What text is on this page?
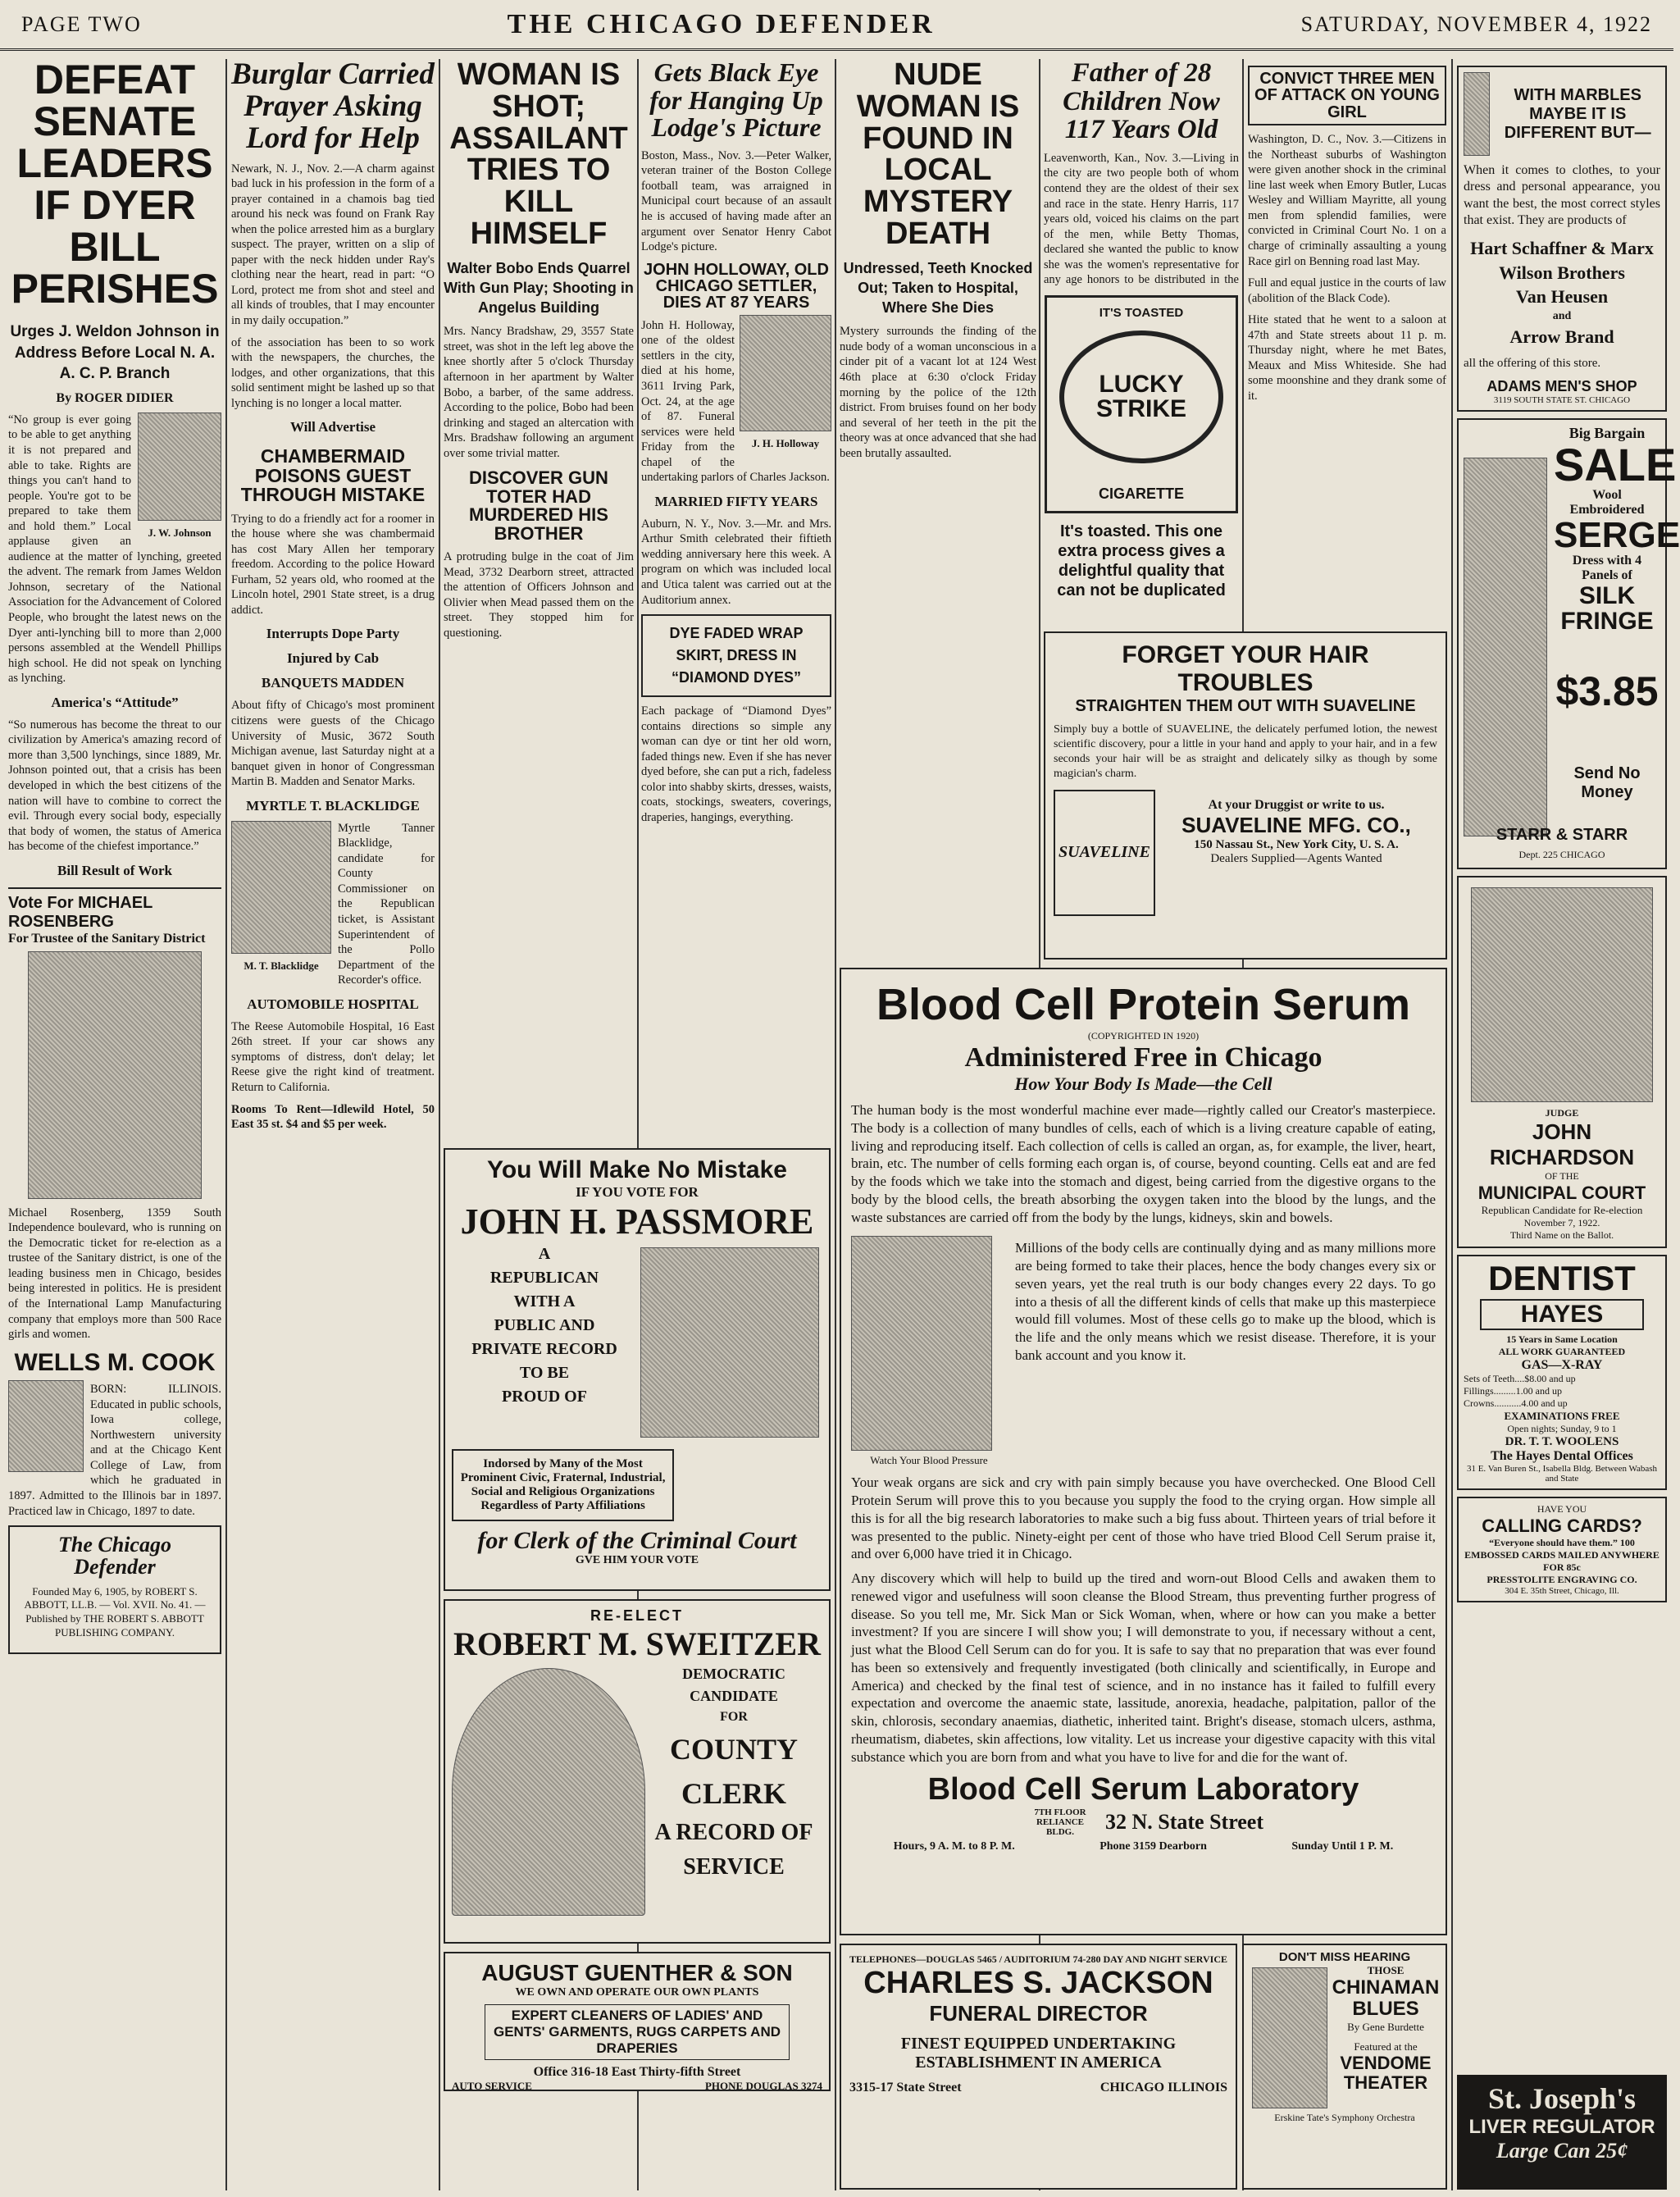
PAGE TWO	THE CHICAGO DEFENDER	SATURDAY, NOVEMBER 4, 1922
DEFEAT SENATE LEADERS IF DYER BILL PERISHES
Urges J. Weldon Johnson in Address Before Local N. A. A. C. P. Branch
By ROGER DIDIER
J. W. Johnson
“No group is ever going to be able to get anything it is not prepared and able to take. Rights are things you can't hand to people. You're got to be prepared to take them and hold them.” Local applause given an audience at the matter of lynching, greeted the advent. The remark from James Weldon Johnson, secretary of the National Association for the Advancement of Colored People, who brought the latest news on the Dyer anti-lynching bill to more than 2,000 persons assembled at the Wendell Phillips high school. He did not speak on lynching as lynching.
America's “Attitude”
“So numerous has become the threat to our civilization by America's amazing record of more than 3,500 lynchings, since 1889, Mr. Johnson pointed out, that a crisis has been developed in which the best citizens of the nation will have to combine to correct the evil. Through every social body, especially that body of women, the status of America has become of the chiefest importance.”
Bill Result of Work
Vote For MICHAEL ROSENBERG
For Trustee of the Sanitary District
Michael Rosenberg, 1359 South Independence boulevard, who is running on the Democratic ticket for re-election as a trustee of the Sanitary district, is one of the leading business men in Chicago, besides being interested in politics. He is president of the International Lamp Manufacturing company that employs more than 500 Race girls and women.
WELLS M. COOK
BORN: ILLINOIS. Educated in public schools, Iowa college, Northwestern university and at the Chicago Kent College of Law, from which he graduated in 1897. Admitted to the Illinois bar in 1897. Practiced law in Chicago, 1897 to date.
The Chicago Defender
Founded May 6, 1905, by ROBERT S. ABBOTT, LL.B. — Vol. XVII. No. 41. — Published by THE ROBERT S. ABBOTT PUBLISHING COMPANY.
Burglar Carried Prayer Asking Lord for Help
Newark, N. J., Nov. 2.—A charm against bad luck in his profession in the form of a prayer contained in a chamois bag tied around his neck was found on Frank Ray when the police arrested him as a burglary suspect. The prayer, written on a slip of paper with the neck hidden under Ray's clothing near the heart, read in part: “O Lord, protect me from shot and steel and all kinds of troubles, that I may encounter in my daily occupation.”
of the association has been to so work with the newspapers, the churches, the lodges, and other organizations, that this solid sentiment might be lashed up so that lynching is no longer a local matter.
Will Advertise
CHAMBERMAID POISONS GUEST THROUGH MISTAKE
Trying to do a friendly act for a roomer in the house where she was chambermaid has cost Mary Allen her temporary freedom. According to the police Howard Furham, 52 years old, who roomed at the Lincoln hotel, 2901 State street, is a drug addict.
Interrupts Dope Party
Injured by Cab
BANQUETS MADDEN
About fifty of Chicago's most prominent citizens were guests of the Chicago University of Music, 3672 South Michigan avenue, last Saturday night at a banquet given in honor of Congressman Martin B. Madden and Senator Marks.
MYRTLE T. BLACKLIDGE
M. T. Blacklidge
Myrtle Tanner Blacklidge, candidate for County Commissioner on the Republican ticket, is Assistant Superintendent of the Pollo Department of the Recorder's office.
AUTOMOBILE HOSPITAL
The Reese Automobile Hospital, 16 East 26th street. If your car shows any symptoms of distress, don't delay; let Reese give the right kind of treatment. Return to California.
Rooms To Rent—Idlewild Hotel, 50 East 35 st. $4 and $5 per week.
WOMAN IS SHOT; ASSAILANT TRIES TO KILL HIMSELF
Walter Bobo Ends Quarrel With Gun Play; Shooting in Angelus Building
Mrs. Nancy Bradshaw, 29, 3557 State street, was shot in the left leg above the knee shortly after 5 o'clock Thursday afternoon in her apartment by Walter Bobo, a barber, of the same address. According to the police, Bobo had been drinking and staged an altercation with Mrs. Bradshaw following an argument over some trivial matter.
DISCOVER GUN TOTER HAD MURDERED HIS BROTHER
A protruding bulge in the coat of Jim Mead, 3732 Dearborn street, attracted the attention of Officers Johnson and Olivier when Mead passed them on the street. They stopped him for questioning.
You Will Make No Mistake
IF YOU VOTE FOR
JOHN H. PASSMORE
A
REPUBLICAN
WITH A
PUBLIC AND
PRIVATE RECORD
TO BE
PROUD OF
Indorsed by Many of the Most Prominent Civic, Fraternal, Industrial, Social and Religious Organizations Regardless of Party Affiliations
for Clerk of the Criminal Court
GVE HIM YOUR VOTE
RE-ELECT
ROBERT M. SWEITZER
DEMOCRATIC
CANDIDATE
FOR
COUNTY
CLERK
A RECORD OF
SERVICE
AUGUST GUENTHER & SON
WE OWN AND OPERATE OUR OWN PLANTS
EXPERT CLEANERS OF LADIES' AND GENTS' GARMENTS, RUGS CARPETS AND DRAPERIES
Office 316-18 East Thirty-fifth Street
AUTO SERVICE	PHONE DOUGLAS 3274
Gets Black Eye for Hanging Up Lodge's Picture
Boston, Mass., Nov. 3.—Peter Walker, veteran trainer of the Boston College football team, was arraigned in Municipal court because of an assault he is accused of having made after an argument over Senator Henry Cabot Lodge's picture.
JOHN HOLLOWAY, OLD CHICAGO SETTLER, DIES AT 87 YEARS
J. H. Holloway
John H. Holloway, one of the oldest settlers in the city, died at his home, 3611 Irving Park, Oct. 24, at the age of 87. Funeral services were held Friday from the chapel of the undertaking parlors of Charles Jackson.
MARRIED FIFTY YEARS
Auburn, N. Y., Nov. 3.—Mr. and Mrs. Arthur Smith celebrated their fiftieth wedding anniversary here this week. A program on which was included local and Utica talent was carried out at the Auditorium annex.
DYE FADED WRAP SKIRT, DRESS IN “DIAMOND DYES”
Each package of “Diamond Dyes” contains directions so simple any woman can dye or tint her old worn, faded things new. Even if she has never dyed before, she can put a rich, fadeless color into shabby skirts, dresses, waists, coats, stockings, sweaters, coverings, draperies, hangings, everything.
NUDE WOMAN IS FOUND IN LOCAL MYSTERY DEATH
Undressed, Teeth Knocked Out; Taken to Hospital, Where She Dies
Mystery surrounds the finding of the nude body of a woman unconscious in a cinder pit of a vacant lot at 124 West 46th place at 6:30 o'clock Friday morning by the police of the 12th district. From bruises found on her body and several of her teeth in the pit the theory was at once advanced that she had been brutally assaulted.
Father of 28 Children Now 117 Years Old
Leavenworth, Kan., Nov. 3.—Living in the city are two people both of whom contend they are the oldest of their sex and race in the state. Henry Harris, 117 years old, voiced his claims on the part of the men, while Betty Thomas, declared she wanted the public to know she was the women's representative for any age honors to be distributed in the
IT'S TOASTED
LUCKY STRIKE
CIGARETTE
It's toasted. This one extra process gives a delightful quality that can not be duplicated
CONVICT THREE MEN OF ATTACK ON YOUNG GIRL
Washington, D. C., Nov. 3.—Citizens in the Northeast suburbs of Washington were given another shock in the criminal line last week when Emory Butler, Lucas Wesley and William Mayritte, all young men from splendid families, were convicted in Criminal Court No. 1 on a charge of criminally assaulting a young Race girl on Benning road last May.
Full and equal justice in the courts of law (abolition of the Black Code).
Hite stated that he went to a saloon at 47th and State streets about 11 p. m. Thursday night, where he met Bates, Meaux and Miss Whiteside. She had some moonshine and they drank some of it.
FORGET YOUR HAIR TROUBLES
STRAIGHTEN THEM OUT WITH SUAVELINE
Simply buy a bottle of SUAVELINE, the delicately perfumed lotion, the newest scientific discovery, pour a little in your hand and apply to your hair, and in a few seconds your hair will be as straight and delicately silky as though by some magician's charm.
SUAVELINE
At your Druggist or write to us.
SUAVELINE MFG. CO.,
150 Nassau St., New York City, U. S. A.
Dealers Supplied—Agents Wanted
Blood Cell Protein Serum
(COPYRIGHTED IN 1920)
Administered Free in Chicago
How Your Body Is Made—the Cell
The human body is the most wonderful machine ever made—rightly called our Creator's masterpiece. The body is a collection of many bundles of cells, each of which is a living creature capable of eating, living and reproducing itself. Each collection of cells is called an organ, as, for example, the liver, heart, brain, etc. The number of cells forming each organ is, of course, beyond counting. Cells eat and are fed by the foods which we take into the stomach and digest, being carried from the digestive organs to the body by the blood cells, the breath absorbing the oxygen taken into the blood by the lungs, and the waste substances are carried off from the body by the lungs, kidneys, skin and bowels.
Watch Your Blood Pressure
Millions of the body cells are continually dying and as many millions more are being formed to take their places, hence the body changes every six or seven years, yet the real truth is our body changes every 22 days. To go into a thesis of all the different kinds of cells that make up this masterpiece would fill volumes. Most of these cells go to make up the blood, which is the life and the only means which we resist disease. Therefore, it is your bank account and you know it.
Your weak organs are sick and cry with pain simply because you have overchecked. One Blood Cell Protein Serum will prove this to you because you supply the food to the crying organ. How simple all this is for all the big research laboratories to make such a big fuss about. Thirteen years of trial before it was presented to the public. Ninety-eight per cent of those who have tried Blood Cell Serum praise it, and over 6,000 have tried it in Chicago.
Any discovery which will help to build up the tired and worn-out Blood Cells and awaken them to renewed vigor and usefulness will soon cleanse the Blood Stream, thus preventing further progress of disease. So you tell me, Mr. Sick Man or Sick Woman, when, where or how can you make a better investment? If you are sincere I will show you; I will demonstrate to you, if necessary without a cent, just what the Blood Cell Serum can do for you. It is safe to say that no preparation that was ever found has been so extensively and frequently investigated (both clinically and scientifically, in Europe and America) and checked by the final test of science, and in no instance has it failed to fulfill every expectation and overcome the anaemic state, lassitude, anorexia, headache, palpitation, pallor of the skin, chlorosis, secondary anaemias, diathetic, inherited taint. Bright's disease, stomach ulcers, asthma, rheumatism, diabetes, skin affections, low vitality. Let us increase your digestive capacity with this vital substance which you are born from and what you have to live for and die for the want of.
Blood Cell Serum Laboratory
7TH FLOOR RELIANCE BLDG.	32 N. State Street
Hours, 9 A. M. to 8 P. M.	Phone 3159 Dearborn	Sunday Until 1 P. M.
TELEPHONES—DOUGLAS 5465 / AUDITORIUM 74-280 DAY AND NIGHT SERVICE
CHARLES S. JACKSON
FUNERAL DIRECTOR
FINEST EQUIPPED UNDERTAKING ESTABLISHMENT IN AMERICA
3315-17 State Street	CHICAGO ILLINOIS
DON'T MISS HEARING
THOSE
CHINAMAN BLUES
By Gene Burdette
Featured at the
VENDOME THEATER
Erskine Tate's Symphony Orchestra
WITH MARBLES MAYBE IT IS DIFFERENT BUT—
When it comes to clothes, to your dress and personal appearance, you want the best, the most correct styles that exist. They are products of
Hart Schaffner & Marx
Wilson Brothers
Van Heusen
and
Arrow Brand
all the offering of this store.
ADAMS MEN'S SHOP
3119 SOUTH STATE ST. CHICAGO
Big Bargain
SALE
Wool Embroidered
SERGE
Dress with 4 Panels of
SILK FRINGE
$3.85
Send No Money
STARR & STARR
Dept. 225 CHICAGO
JUDGE
JOHN RICHARDSON
OF THE
MUNICIPAL COURT
Republican Candidate for Re-election
November 7, 1922.
Third Name on the Ballot.
DENTIST
HAYES
15 Years in Same Location
ALL WORK GUARANTEED
GAS—X-RAY
Sets of Teeth....$8.00 and up
Fillings.........1.00 and up
Crowns...........4.00 and up
EXAMINATIONS FREE
Open nights; Sunday, 9 to 1
DR. T. T. WOOLENS
The Hayes Dental Offices
31 E. Van Buren St., Isabella Bldg. Between Wabash and State
HAVE YOU
CALLING CARDS?
“Everyone should have them.” 100 EMBOSSED CARDS MAILED ANYWHERE FOR 85c
PRESSTOLITE ENGRAVING CO.
304 E. 35th Street, Chicago, Ill.
St. Joseph's
LIVER REGULATOR
Large Can 25¢
